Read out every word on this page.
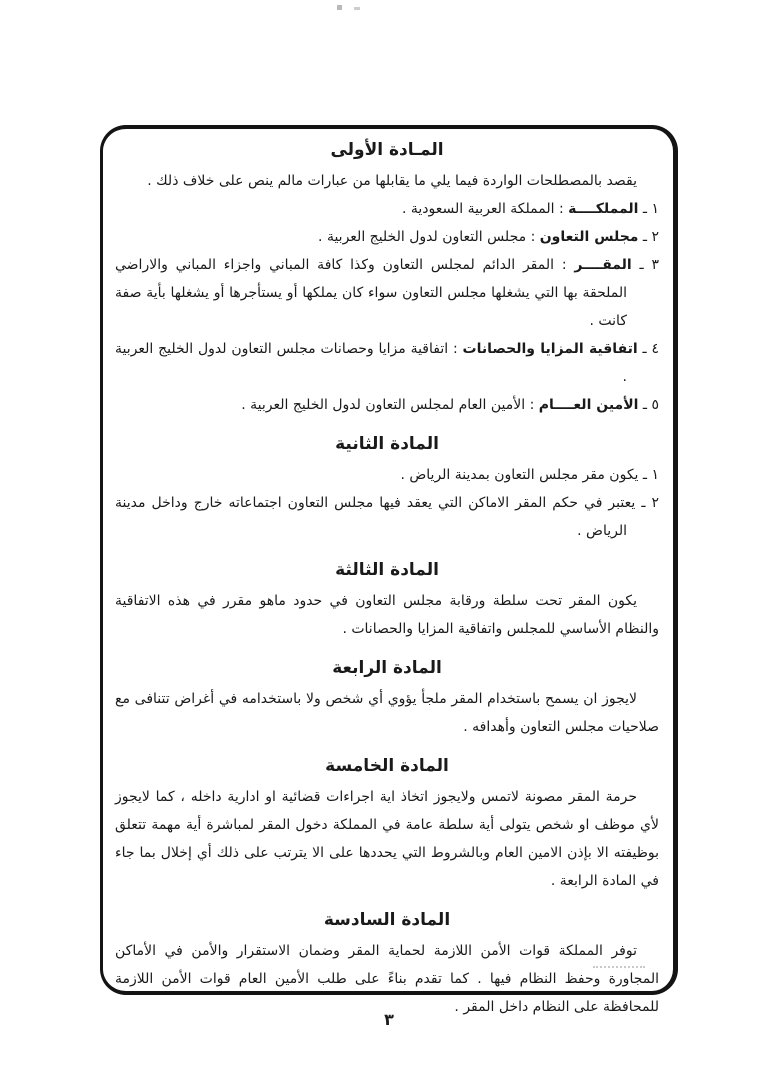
المـادة الأولى

يقصد بالمصطلحات الواردة فيما يلي ما يقابلها من عبارات مالم ينص على خلاف ذلك .

١ ـ المملكــــة : المملكة العربية السعودية .
٢ ـ مجلس التعاون : مجلس التعاون لدول الخليج العربية .
٣ ـ المقــــر : المقر الدائم لمجلس التعاون وكذا كافة المباني واجزاء المباني والاراضي الملحقة بها التي يشغلها مجلس التعاون سواء كان يملكها أو يستأجرها أو يشغلها بأية صفة كانت .
٤ ـ اتفاقية المزايا والحصانات : اتفاقية مزايا وحصانات مجلس التعاون لدول الخليج العربية .
٥ ـ الأمين العــــام : الأمين العام لمجلس التعاون لدول الخليج العربية .
المادة الثانية
١ ـ يكون مقر مجلس التعاون بمدينة الرياض .
٢ ـ يعتبر في حكم المقر الاماكن التي يعقد فيها مجلس التعاون اجتماعاته خارج وداخل مدينة الرياض .
المادة الثالثة

يكون المقر تحت سلطة ورقابة مجلس التعاون في حدود ماهو مقرر في هذه الاتفاقية والنظام الأساسي للمجلس واتفاقية المزايا والحصانات .

المادة الرابعة

لايجوز ان يسمح باستخدام المقر ملجأ يؤوي أي شخص ولا باستخدامه في أغراض تتنافى مع صلاحيات مجلس التعاون وأهدافه .

المادة الخامسة

حرمة المقر مصونة لاتمس ولايجوز اتخاذ اية اجراءات قضائية او ادارية داخله ، كما لايجوز لأي موظف او شخص يتولى أية سلطة عامة في المملكة دخول المقر لمباشرة أية مهمة تتعلق بوظيفته الا بإذن الامين العام وبالشروط التي يحددها على الا يترتب على ذلك أي إخلال بما جاء في المادة الرابعة .

المادة السادسة

توفر المملكة قوات الأمن اللازمة لحماية المقر وضمان الاستقرار والأمن في الأماكن المجاورة وحفظ النظام فيها . كما تقدم بناءً على طلب الأمين العام قوات الأمن اللازمة للمحافظة على النظام داخل المقر .

٣
